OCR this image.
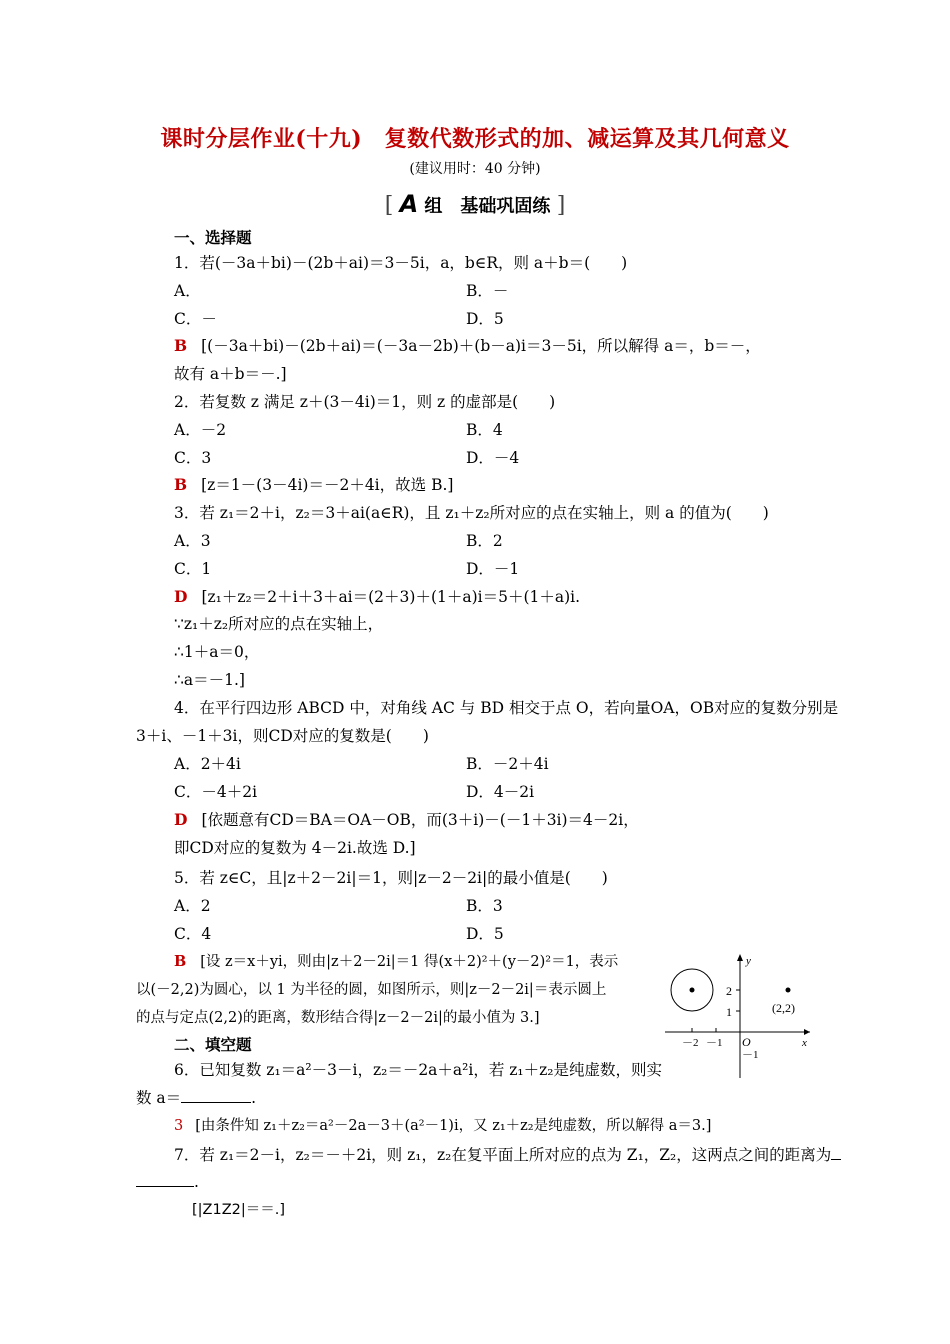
课时分层作业(十九)　复数代数形式的加、减运算及其几何意义
(建议用时：40 分钟)
[ A 组　基础巩固练 ]
一、选择题
1．若(－3a＋bi)－(2b＋ai)＝3－5i，a，b∈R，则 a＋b＝(　　)
A．	B．－
C．－	D．5
B [(－3a＋bi)－(2b＋ai)＝(－3a－2b)＋(b－a)i＝3－5i，所以解得 a＝，b＝－，
故有 a＋b＝－.]
2．若复数 z 满足 z＋(3－4i)＝1，则 z 的虚部是(　　)
A．－2	B．4
C．3	D．－4
B [z＝1－(3－4i)＝－2＋4i，故选 B.]
3．若 z₁＝2＋i，z₂＝3＋ai(a∈R)，且 z₁＋z₂所对应的点在实轴上，则 a 的值为(　　)
A．3	B．2
C．1	D．－1
D [z₁＋z₂＝2＋i＋3＋ai＝(2＋3)＋(1＋a)i＝5＋(1＋a)i.
∵z₁＋z₂所对应的点在实轴上，
∴1＋a＝0，
∴a＝－1.]
4．在平行四边形 ABCD 中，对角线 AC 与 BD 相交于点 O，若向量OA，OB对应的复数分别是
3＋i、－1＋3i，则CD对应的复数是(　　)
A．2＋4i	B．－2＋4i
C．－4＋2i	D．4－2i
D [依题意有CD＝BA＝OA－OB，而(3＋i)－(－1＋3i)＝4－2i，
即CD对应的复数为 4－2i.故选 D.]
5．若 z∈C，且|z＋2－2i|＝1，则|z－2－2i|的最小值是(　　)
A．2	B．3
C．4	D．5
B [设 z＝x＋yi，则由|z＋2－2i|＝1 得(x＋2)²＋(y－2)²＝1，表示
以(－2,2)为圆心，以 1 为半径的圆，如图所示，则|z－2－2i|＝表示圆上
的点与定点(2,2)的距离，数形结合得|z－2－2i|的最小值为 3.]
y
x
O
2
1
－1
－2 －1
(2,2)
二、填空题
6．已知复数 z₁＝a²－3－i，z₂＝－2a＋a²i，若 z₁＋z₂是纯虚数，则实
数 a＝	.
3 [由条件知 z₁＋z₂＝a²－2a－3＋(a²－1)i，又 z₁＋z₂是纯虚数，所以解得 a＝3.]
7．若 z₁＝2－i，z₂＝－＋2i，则 z₁，z₂在复平面上所对应的点为 Z₁，Z₂，这两点之间的距离为
.
[|Z1Z2|＝＝.]
